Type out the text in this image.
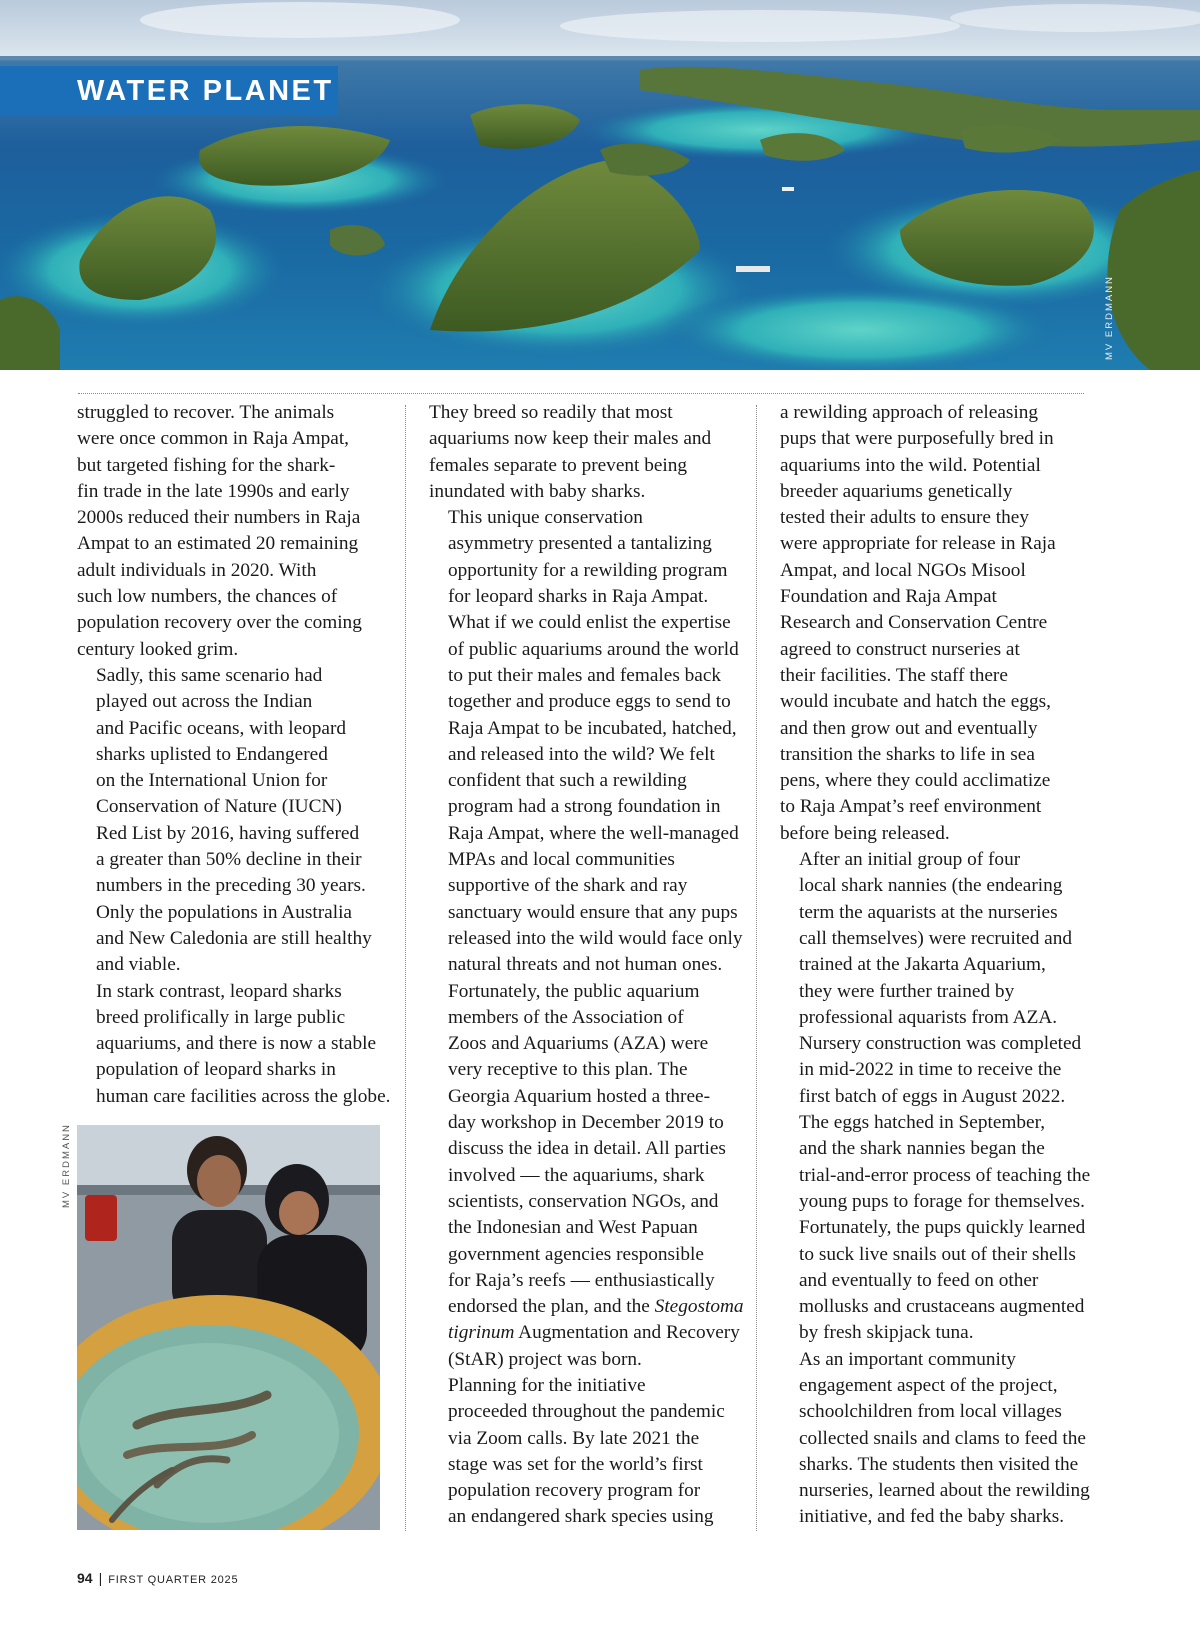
WATER PLANET
MV ERDMANN

struggled to recover. The animals
were once common in Raja Ampat,
but targeted fishing for the shark-
fin trade in the late 1990s and early
2000s reduced their numbers in Raja
Ampat to an estimated 20 remaining
adult individuals in 2020. With
such low numbers, the chances of
population recovery over the coming
century looked grim.

Sadly, this same scenario had
played out across the Indian
and Pacific oceans, with leopard
sharks uplisted to Endangered
on the International Union for
Conservation of Nature (IUCN)
Red List by 2016, having suffered
a greater than 50% decline in their
numbers in the preceding 30 years.
Only the populations in Australia
and New Caledonia are still healthy
and viable.

In stark contrast, leopard sharks
breed prolifically in large public
aquariums, and there is now a stable
population of leopard sharks in
human care facilities across the globe.

They breed so readily that most
aquariums now keep their males and
females separate to prevent being
inundated with baby sharks.

This unique conservation
asymmetry presented a tantalizing
opportunity for a rewilding program
for leopard sharks in Raja Ampat.
What if we could enlist the expertise
of public aquariums around the world
to put their males and females back
together and produce eggs to send to
Raja Ampat to be incubated, hatched,
and released into the wild? We felt
confident that such a rewilding
program had a strong foundation in
Raja Ampat, where the well-managed
MPAs and local communities
supportive of the shark and ray
sanctuary would ensure that any pups
released into the wild would face only
natural threats and not human ones.

Fortunately, the public aquarium
members of the Association of
Zoos and Aquariums (AZA) were
very receptive to this plan. The
Georgia Aquarium hosted a three-
day workshop in December 2019 to
discuss the idea in detail. All parties
involved — the aquariums, shark
scientists, conservation NGOs, and
the Indonesian and West Papuan
government agencies responsible
for Raja’s reefs — enthusiastically
endorsed the plan, and the Stegostoma
tigrinum Augmentation and Recovery
(StAR) project was born.

Planning for the initiative
proceeded throughout the pandemic
via Zoom calls. By late 2021 the
stage was set for the world’s first
population recovery program for
an endangered shark species using

a rewilding approach of releasing
pups that were purposefully bred in
aquariums into the wild. Potential
breeder aquariums genetically
tested their adults to ensure they
were appropriate for release in Raja
Ampat, and local NGOs Misool
Foundation and Raja Ampat
Research and Conservation Centre
agreed to construct nurseries at
their facilities. The staff there
would incubate and hatch the eggs,
and then grow out and eventually
transition the sharks to life in sea
pens, where they could acclimatize
to Raja Ampat’s reef environment
before being released.

After an initial group of four
local shark nannies (the endearing
term the aquarists at the nurseries
call themselves) were recruited and
trained at the Jakarta Aquarium,
they were further trained by
professional aquarists from AZA.
Nursery construction was completed
in mid-2022 in time to receive the
first batch of eggs in August 2022.

The eggs hatched in September,
and the shark nannies began the
trial-and-error process of teaching the
young pups to forage for themselves.
Fortunately, the pups quickly learned
to suck live snails out of their shells
and eventually to feed on other
mollusks and crustaceans augmented
by fresh skipjack tuna.

As an important community
engagement aspect of the project,
schoolchildren from local villages
collected snails and clams to feed the
sharks. The students then visited the
nurseries, learned about the rewilding
initiative, and fed the baby sharks.

MV ERDMANN
94 | FIRST QUARTER 2025
